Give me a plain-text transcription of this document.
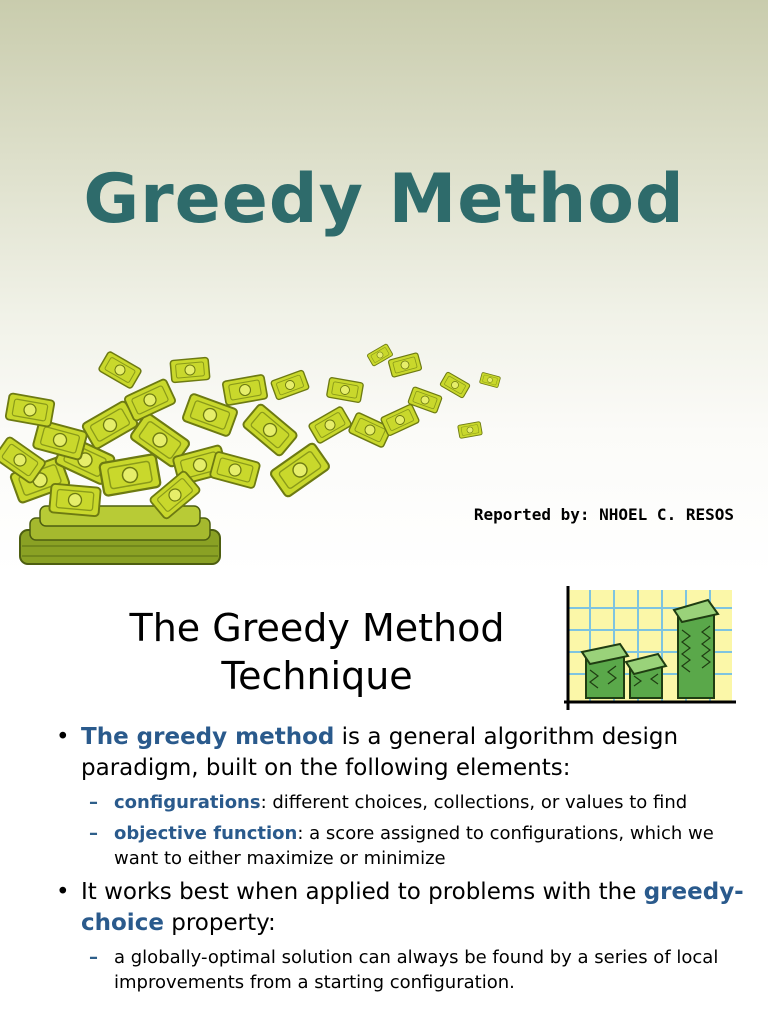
Greedy Method
Reported by: NHOEL C. RESOS
The Greedy Method
Technique
• The greedy method is a general algorithm design paradigm, built on the following elements:
– configurations: different choices, collections, or values to find
– objective function: a score assigned to configurations, which we want to either maximize or minimize
• It works best when applied to problems with the greedy-choice property:
– a globally-optimal solution can always be found by a series of local improvements from a starting configuration.
